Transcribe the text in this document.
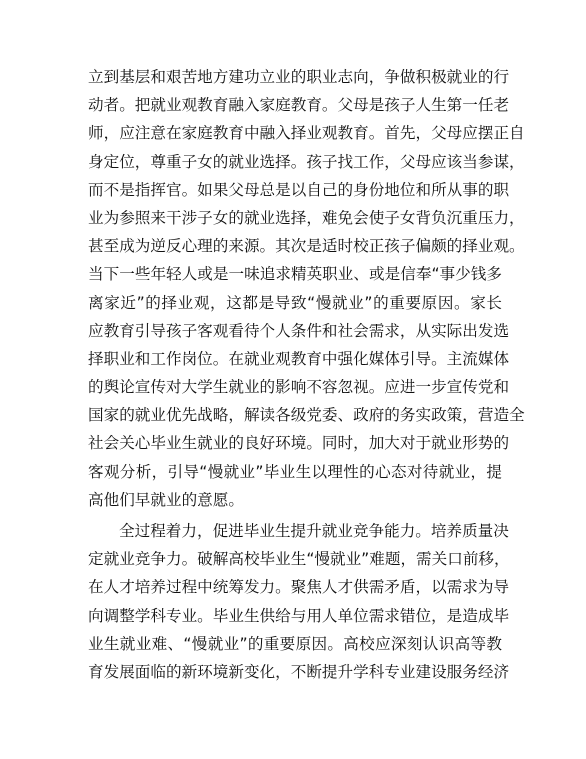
立到基层和艰苦地方建功立业的职业志向，争做积极就业的行
动者。把就业观教育融入家庭教育。父母是孩子人生第一任老
师，应注意在家庭教育中融入择业观教育。首先，父母应摆正自
身定位，尊重子女的就业选择。孩子找工作，父母应该当参谋，
而不是指挥官。如果父母总是以自己的身份地位和所从事的职
业为参照来干涉子女的就业选择，难免会使子女背负沉重压力，
甚至成为逆反心理的来源。其次是适时校正孩子偏颇的择业观。
当下一些年轻人或是一味追求精英职业、或是信奉“事少钱多
离家近”的择业观，这都是导致“慢就业”的重要原因。家长
应教育引导孩子客观看待个人条件和社会需求，从实际出发选
择职业和工作岗位。在就业观教育中强化媒体引导。主流媒体
的舆论宣传对大学生就业的影响不容忽视。应进一步宣传党和
国家的就业优先战略，解读各级党委、政府的务实政策，营造全
社会关心毕业生就业的良好环境。同时，加大对于就业形势的
客观分析，引导“慢就业”毕业生以理性的心态对待就业，提
高他们早就业的意愿。
全过程着力，促进毕业生提升就业竞争能力。培养质量决
定就业竞争力。破解高校毕业生“慢就业”难题，需关口前移，
在人才培养过程中统筹发力。聚焦人才供需矛盾，以需求为导
向调整学科专业。毕业生供给与用人单位需求错位，是造成毕
业生就业难、“慢就业”的重要原因。高校应深刻认识高等教
育发展面临的新环境新变化，不断提升学科专业建设服务经济
